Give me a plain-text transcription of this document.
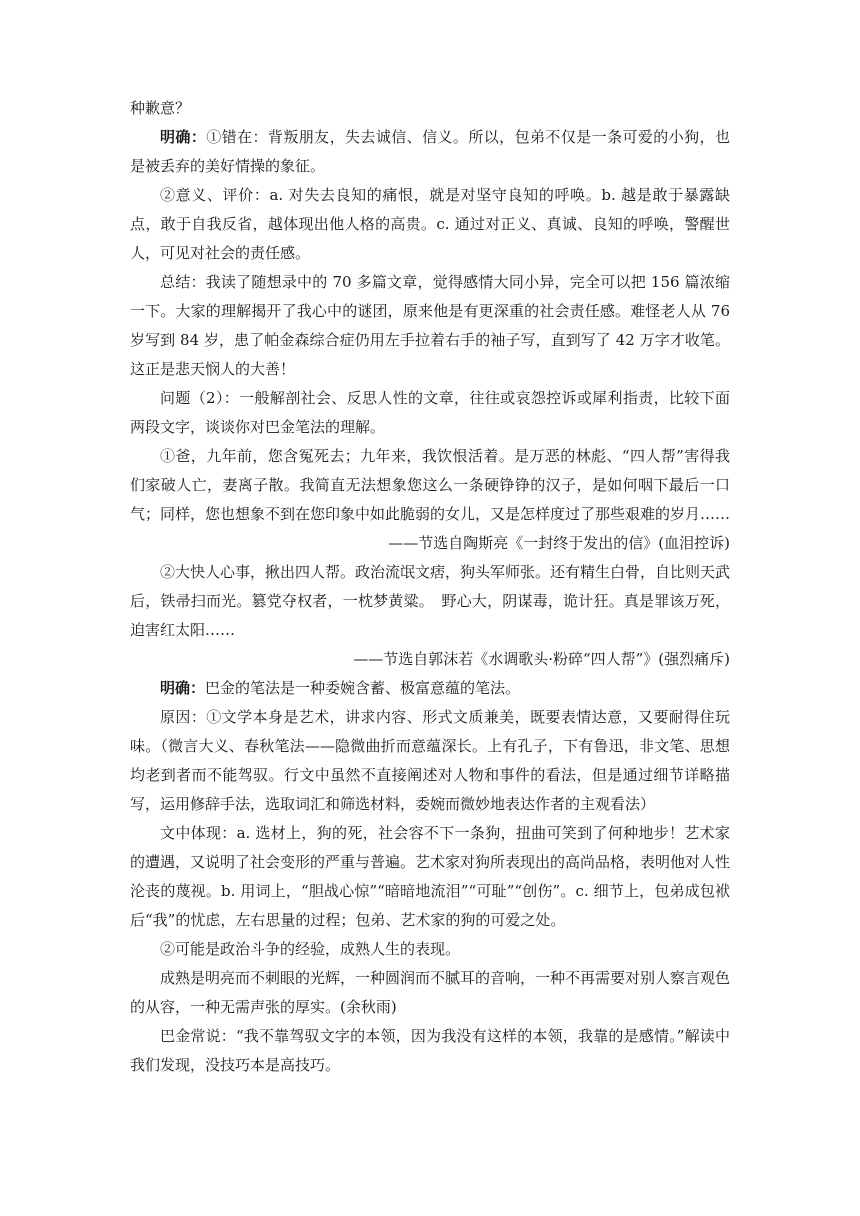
种歉意？

明确：①错在：背叛朋友，失去诚信、信义。所以，包弟不仅是一条可爱的小狗，也是被丢弃的美好情操的象征。

②意义、评价：a. 对失去良知的痛恨，就是对坚守良知的呼唤。b. 越是敢于暴露缺点，敢于自我反省，越体现出他人格的高贵。c. 通过对正义、真诚、良知的呼唤，警醒世人，可见对社会的责任感。

总结：我读了随想录中的 70 多篇文章，觉得感情大同小异，完全可以把 156 篇浓缩一下。大家的理解揭开了我心中的谜团，原来他是有更深重的社会责任感。难怪老人从 76 岁写到 84 岁，患了帕金森综合症仍用左手拉着右手的袖子写，直到写了 42 万字才收笔。这正是悲天悯人的大善！

问题（2）：一般解剖社会、反思人性的文章，往往或哀怨控诉或犀利指责，比较下面两段文字，谈谈你对巴金笔法的理解。

①爸，九年前，您含冤死去；九年来，我饮恨活着。是万恶的林彪、“四人帮”害得我们家破人亡，妻离子散。我简直无法想象您这么一条硬铮铮的汉子，是如何咽下最后一口气；同样，您也想象不到在您印象中如此脆弱的女儿，又是怎样度过了那些艰难的岁月……

——节选自陶斯亮《一封终于发出的信》(血泪控诉)

②大快人心事，揪出四人帮。政治流氓文痞，狗头军师张。还有精生白骨，自比则天武后，铁帚扫而光。篡党夺权者，一枕梦黄粱。　野心大，阴谋毒，诡计狂。真是罪该万死，迫害红太阳……

——节选自郭沫若《水调歌头·粉碎“四人帮”》(强烈痛斥)

明确：巴金的笔法是一种委婉含蓄、极富意蕴的笔法。

原因：①文学本身是艺术，讲求内容、形式文质兼美，既要表情达意，又要耐得住玩味。（微言大义、春秋笔法——隐微曲折而意蕴深长。上有孔子，下有鲁迅，非文笔、思想均老到者而不能驾驭。行文中虽然不直接阐述对人物和事件的看法，但是通过细节详略描写，运用修辞手法，选取词汇和筛选材料，委婉而微妙地表达作者的主观看法）

文中体现：a. 选材上，狗的死，社会容不下一条狗，扭曲可笑到了何种地步！艺术家的遭遇，又说明了社会变形的严重与普遍。艺术家对狗所表现出的高尚品格，表明他对人性沦丧的蔑视。b. 用词上，“胆战心惊”“暗暗地流泪”“可耻”“创伤”。c. 细节上，包弟成包袱后“我”的忧虑，左右思量的过程；包弟、艺术家的狗的可爱之处。

②可能是政治斗争的经验，成熟人生的表现。

成熟是明亮而不刺眼的光辉，一种圆润而不腻耳的音响，一种不再需要对别人察言观色的从容，一种无需声张的厚实。(余秋雨)

巴金常说：“我不靠驾驭文字的本领，因为我没有这样的本领，我靠的是感情。”解读中我们发现，没技巧本是高技巧。
